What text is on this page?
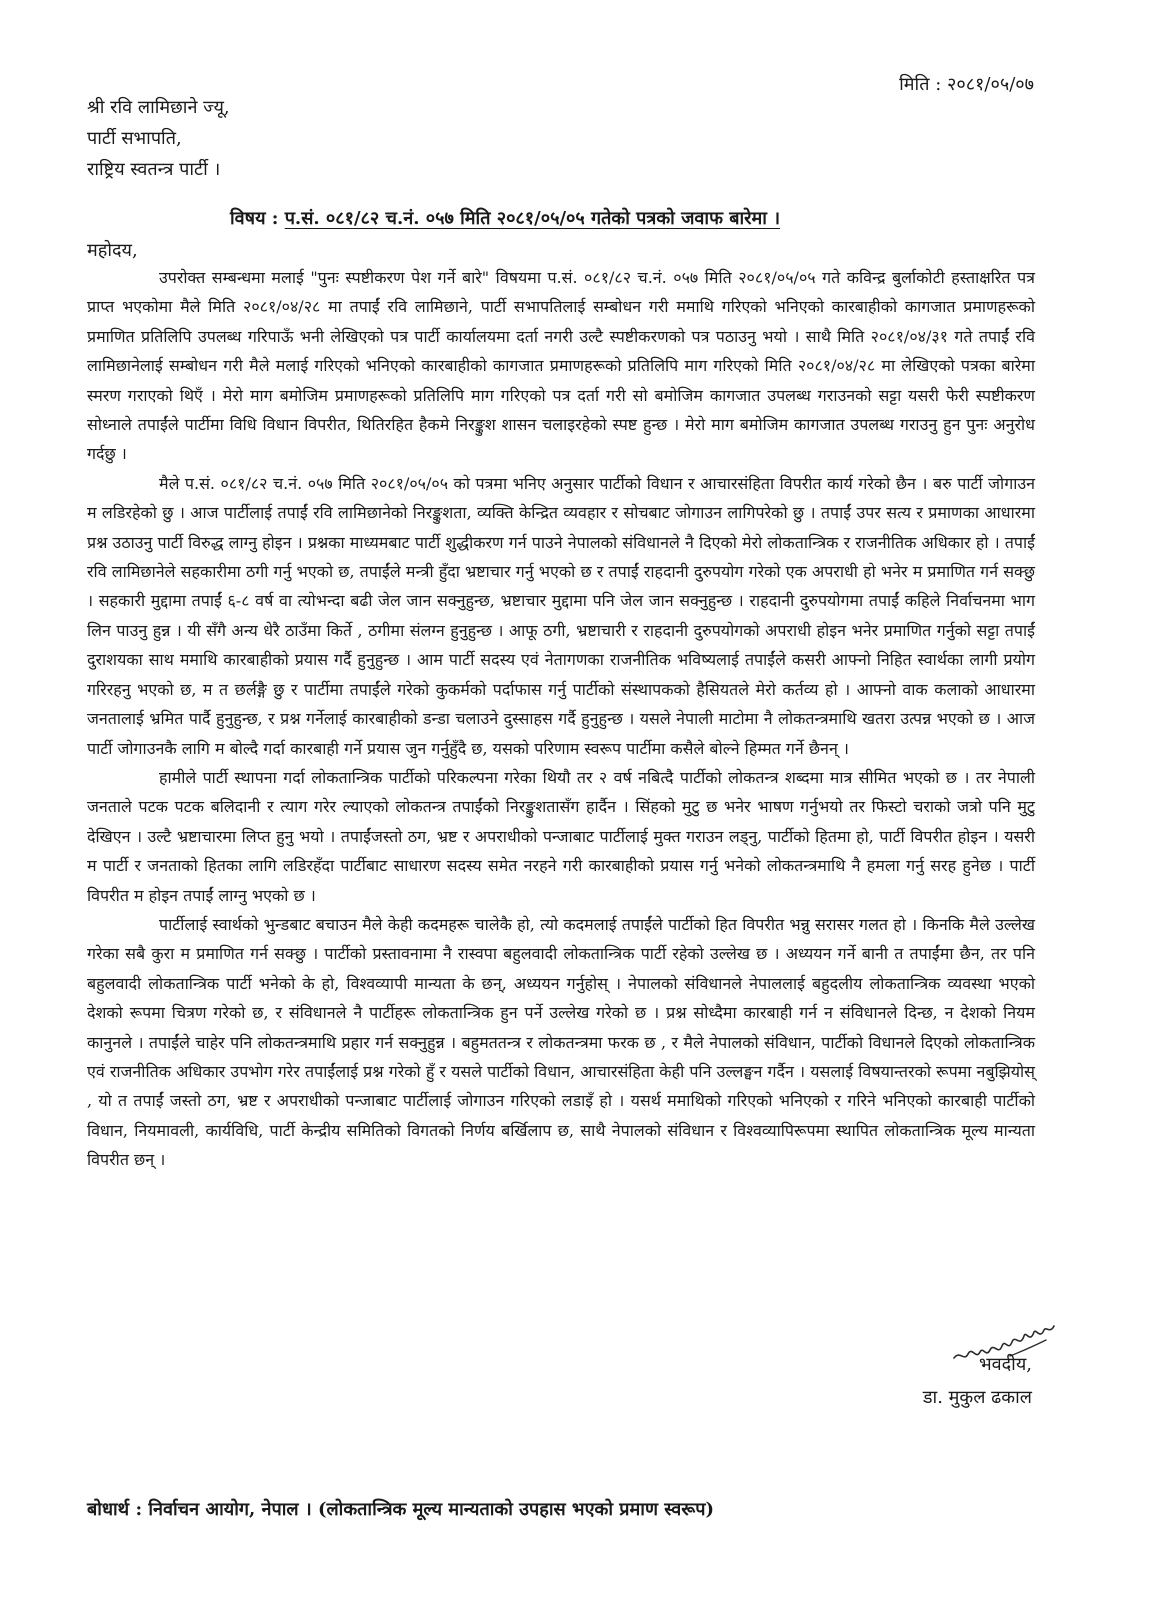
मिति : २०८१/०५/०७
श्री रवि लामिछाने ज्यू,
पार्टी सभापति,
राष्ट्रिय स्वतन्त्र पार्टी ।
विषय : प.सं. ०८१/८२ च.नं. ०५७ मिति २०८१/०५/०५ गतेको पत्रको जवाफ बारेमा ।
महोदय,

उपरोक्त सम्बन्धमा मलाई "पुनः स्पष्टीकरण पेश गर्ने बारे" विषयमा प.सं. ०८१/८२ च.नं. ०५७ मिति २०८१/०५/०५ गते कविन्द्र बुर्लाकोटी हस्ताक्षरित पत्र प्राप्त भएकोमा मैले मिति २०८१/०४/२८ मा तपाईं रवि लामिछाने, पार्टी सभापतिलाई सम्बोधन गरी ममाथि गरिएको भनिएको कारबाहीको कागजात प्रमाणहरूको प्रमाणित प्रतिलिपि उपलब्ध गरिपाऊँ भनी लेखिएको पत्र पार्टी कार्यालयमा दर्ता नगरी उल्टै स्पष्टीकरणको पत्र पठाउनु भयो । साथै मिति २०८१/०४/३१ गते तपाईं रवि लामिछानेलाई सम्बोधन गरी मैले मलाई गरिएको भनिएको कारबाहीको कागजात प्रमाणहरूको प्रतिलिपि माग गरिएको मिति २०८१/०४/२८ मा लेखिएको पत्रका बारेमा स्मरण गराएको थिएँ । मेरो माग बमोजिम प्रमाणहरूको प्रतिलिपि माग गरिएको पत्र दर्ता गरी सो बमोजिम कागजात उपलब्ध गराउनको सट्टा यसरी फेरी स्पष्टीकरण सोध्नाले तपाईंले पार्टीमा विधि विधान विपरीत, थितिरहित हैकमे निरङ्कुश शासन चलाइरहेको स्पष्ट हुन्छ । मेरो माग बमोजिम कागजात उपलब्ध गराउनु हुन पुनः अनुरोध गर्दछु ।

मैले प.सं. ०८१/८२ च.नं. ०५७ मिति २०८१/०५/०५ को पत्रमा भनिए अनुसार पार्टीको विधान र आचारसंहिता विपरीत कार्य गरेको छैन । बरु पार्टी जोगाउन म लडिरहेको छु । आज पार्टीलाई तपाईं रवि लामिछानेको निरङ्कुशता, व्यक्ति केन्द्रित व्यवहार र सोचबाट जोगाउन लागिपरेको छु । तपाईं उपर सत्य र प्रमाणका आधारमा प्रश्न उठाउनु पार्टी विरुद्ध लाग्नु होइन । प्रश्नका माध्यमबाट पार्टी शुद्धीकरण गर्न पाउने नेपालको संविधानले नै दिएको मेरो लोकतान्त्रिक र राजनीतिक अधिकार हो । तपाईं रवि लामिछानेले सहकारीमा ठगी गर्नु भएको छ, तपाईंले मन्त्री हुँदा भ्रष्टाचार गर्नु भएको छ र तपाईं राहदानी दुरुपयोग गरेको एक अपराधी हो भनेर म प्रमाणित गर्न सक्छु । सहकारी मुद्दामा तपाईं ६-८ वर्ष वा त्योभन्दा बढी जेल जान सक्नुहुन्छ, भ्रष्टाचार मुद्दामा पनि जेल जान सक्नुहुन्छ । राहदानी दुरुपयोगमा तपाईं कहिले निर्वाचनमा भाग लिन पाउनु हुन्न । यी सँगै अन्य धेरै ठाउँमा किर्ते , ठगीमा संलग्न हुनुहुन्छ । आफू ठगी, भ्रष्टाचारी र राहदानी दुरुपयोगको अपराधी होइन भनेर प्रमाणित गर्नुको सट्टा तपाईं दुराशयका साथ ममाथि कारबाहीको प्रयास गर्दै हुनुहुन्छ । आम पार्टी सदस्य एवं नेतागणका राजनीतिक भविष्यलाई तपाईंले कसरी आफ्नो निहित स्वार्थका लागी प्रयोग गरिरहनु भएको छ, म त छर्लङ्गै छु र पार्टीमा तपाईंले गरेको कुकर्मको पर्दाफास गर्नु पार्टीको संस्थापकको हैसियतले मेरो कर्तव्य हो । आफ्नो वाक कलाको आधारमा जनतालाई भ्रमित पार्दै हुनुहुन्छ, र प्रश्न गर्नेलाई कारबाहीको डन्डा चलाउने दुस्साहस गर्दै हुनुहुन्छ । यसले नेपाली माटोमा नै लोकतन्त्रमाथि खतरा उत्पन्न भएको छ । आज पार्टी जोगाउनकै लागि म बोल्दै गर्दा कारबाही गर्ने प्रयास जुन गर्नुहुँदै छ, यसको परिणाम स्वरूप पार्टीमा कसैले बोल्ने हिम्मत गर्ने छैनन् ।

हामीले पार्टी स्थापना गर्दा लोकतान्त्रिक पार्टीको परिकल्पना गरेका थियौ तर २ वर्ष नबित्दै पार्टीको लोकतन्त्र शब्दमा मात्र सीमित भएको छ । तर नेपाली जनताले पटक पटक बलिदानी र त्याग गरेर ल्याएको लोकतन्त्र तपाईंको निरङ्कुशतासँग हार्दैन । सिंहको मुटु छ भनेर भाषण गर्नुभयो तर फिस्टो चराको जत्रो पनि मुटु देखिएन । उल्टै भ्रष्टाचारमा लिप्त हुनु भयो । तपाईंजस्तो ठग, भ्रष्ट र अपराधीको पन्जाबाट पार्टीलाई मुक्त गराउन लड्नु, पार्टीको हितमा हो, पार्टी विपरीत होइन । यसरी म पार्टी र जनताको हितका लागि लडिरहँदा पार्टीबाट साधारण सदस्य समेत नरहने गरी कारबाहीको प्रयास गर्नु भनेको लोकतन्त्रमाथि नै हमला गर्नु सरह हुनेछ । पार्टी विपरीत म होइन तपाईं लाग्नु भएको छ ।

पार्टीलाई स्वार्थको भुन्डबाट बचाउन मैले केही कदमहरू चालेकै हो, त्यो कदमलाई तपाईंले पार्टीको हित विपरीत भन्नु सरासर गलत हो । किनकि मैले उल्लेख गरेका सबै कुरा म प्रमाणित गर्न सक्छु । पार्टीको प्रस्तावनामा नै रास्वपा बहुलवादी लोकतान्त्रिक पार्टी रहेको उल्लेख छ । अध्ययन गर्ने बानी त तपाईंमा छैन, तर पनि बहुलवादी लोकतान्त्रिक पार्टी भनेको के हो, विश्वव्यापी मान्यता के छन्, अध्ययन गर्नुहोस् । नेपालको संविधानले नेपाललाई बहुदलीय लोकतान्त्रिक व्यवस्था भएको देशको रूपमा चित्रण गरेको छ, र संविधानले नै पार्टीहरू लोकतान्त्रिक हुन पर्ने उल्लेख गरेको छ । प्रश्न सोध्दैमा कारबाही गर्न न संविधानले दिन्छ, न देशको नियम कानुनले । तपाईंले चाहेर पनि लोकतन्त्रमाथि प्रहार गर्न सक्नुहुन्न । बहुमततन्त्र र लोकतन्त्रमा फरक छ , र मैले नेपालको संविधान, पार्टीको विधानले दिएको लोकतान्त्रिक एवं राजनीतिक अधिकार उपभोग गरेर तपाईंलाई प्रश्न गरेको हुँ र यसले पार्टीको विधान, आचारसंहिता केही पनि उल्लङ्घन गर्दैन । यसलाई विषयान्तरको रूपमा नबुझियोस् , यो त तपाईं जस्तो ठग, भ्रष्ट र अपराधीको पन्जाबाट पार्टीलाई जोगाउन गरिएको लडाइँ हो । यसर्थ ममाथिको गरिएको भनिएको र गरिने भनिएको कारबाही पार्टीको विधान, नियमावली, कार्यविधि, पार्टी केन्द्रीय समितिको विगतको निर्णय बर्खिलाप छ, साथै नेपालको संविधान र विश्वव्यापिरूपमा स्थापित लोकतान्त्रिक मूल्य मान्यता विपरीत छन् ।

भवदीय,
डा. मुकुल ढकाल
बोधार्थ : निर्वाचन आयोग, नेपाल । (लोकतान्त्रिक मूल्य मान्यताको उपहास भएको प्रमाण स्वरूप)
